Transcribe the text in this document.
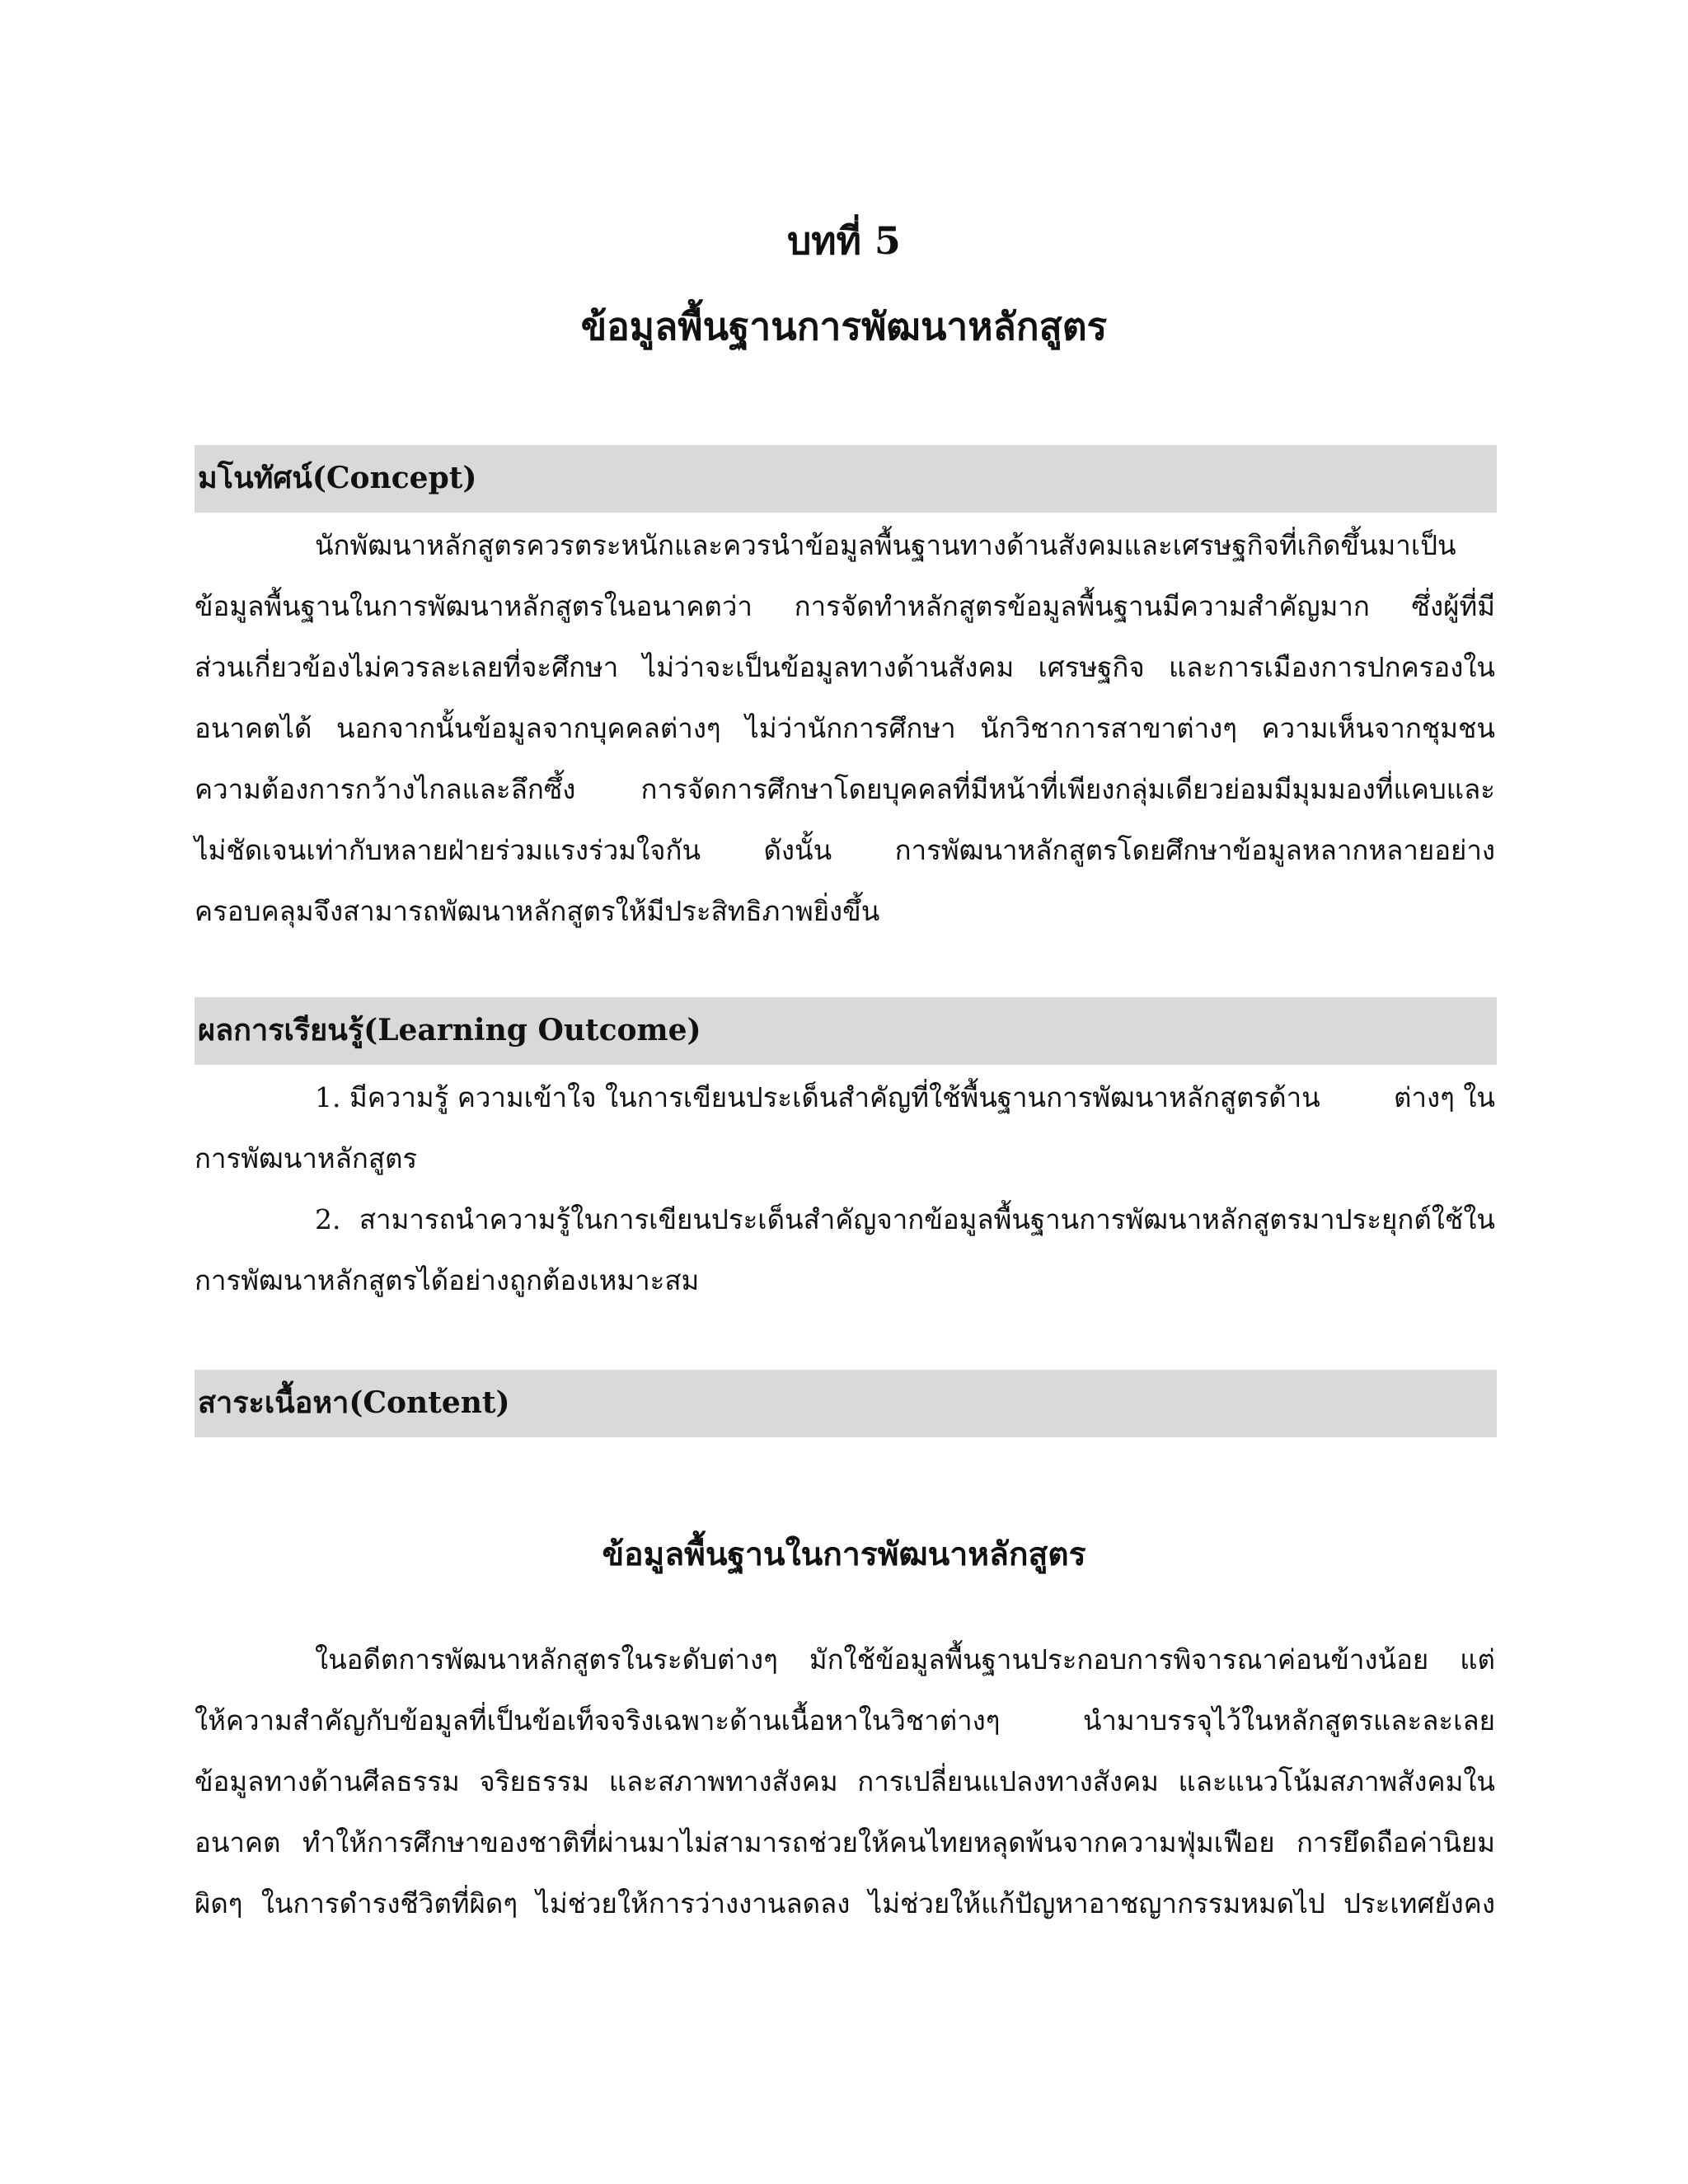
บทที่ 5
ข้อมูลพื้นฐานการพัฒนาหลักสูตร
มโนทัศน์(Concept)
นักพัฒนาหลักสูตรควรตระหนักและควรนำข้อมูลพื้นฐานทางด้านสังคมและเศรษฐกิจที่เกิดขึ้นมาเป็น
ข้อมูลพื้นฐานในการพัฒนาหลักสูตรในอนาคตว่า การจัดทำหลักสูตรข้อมูลพื้นฐานมีความสำคัญมาก ซึ่งผู้ที่มี
ส่วนเกี่ยวข้องไม่ควรละเลยที่จะศึกษา ไม่ว่าจะเป็นข้อมูลทางด้านสังคม เศรษฐกิจ และการเมืองการปกครองใน
อนาคตได้ นอกจากนั้นข้อมูลจากบุคคลต่างๆ ไม่ว่านักการศึกษา นักวิชาการสาขาต่างๆ ความเห็นจากชุมชน
ความต้องการกว้างไกลและลึกซึ้ง การจัดการศึกษาโดยบุคคลที่มีหน้าที่เพียงกลุ่มเดียวย่อมมีมุมมองที่แคบและ
ไม่ชัดเจนเท่ากับหลายฝ่ายร่วมแรงร่วมใจกัน ดังนั้น การพัฒนาหลักสูตรโดยศึกษาข้อมูลหลากหลายอย่าง
ครอบคลุมจึงสามารถพัฒนาหลักสูตรให้มีประสิทธิภาพยิ่งขึ้น
ผลการเรียนรู้(Learning Outcome)
1. มีความรู้ ความเข้าใจ ในการเขียนประเด็นสำคัญที่ใช้พื้นฐานการพัฒนาหลักสูตรด้าน	ต่างๆ ใน
การพัฒนาหลักสูตร
2. สามารถนำความรู้ในการเขียนประเด็นสำคัญจากข้อมูลพื้นฐานการพัฒนาหลักสูตรมาประยุกต์ใช้ใน
การพัฒนาหลักสูตรได้อย่างถูกต้องเหมาะสม
สาระเนื้อหา(Content)
ข้อมูลพื้นฐานในการพัฒนาหลักสูตร
ในอดีตการพัฒนาหลักสูตรในระดับต่างๆ มักใช้ข้อมูลพื้นฐานประกอบการพิจารณาค่อนข้างน้อย แต่
ให้ความสำคัญกับข้อมูลที่เป็นข้อเท็จจริงเฉพาะด้านเนื้อหาในวิชาต่างๆ นำมาบรรจุไว้ในหลักสูตรและละเลย
ข้อมูลทางด้านศีลธรรม จริยธรรม และสภาพทางสังคม การเปลี่ยนแปลงทางสังคม และแนวโน้มสภาพสังคมใน
อนาคต ทำให้การศึกษาของชาติที่ผ่านมาไม่สามารถช่วยให้คนไทยหลุดพ้นจากความฟุ่มเฟือย การยึดถือค่านิยม
ผิดๆ ในการดำรงชีวิตที่ผิดๆ ไม่ช่วยให้การว่างงานลดลง ไม่ช่วยให้แก้ปัญหาอาชญากรรมหมดไป ประเทศยังคง
